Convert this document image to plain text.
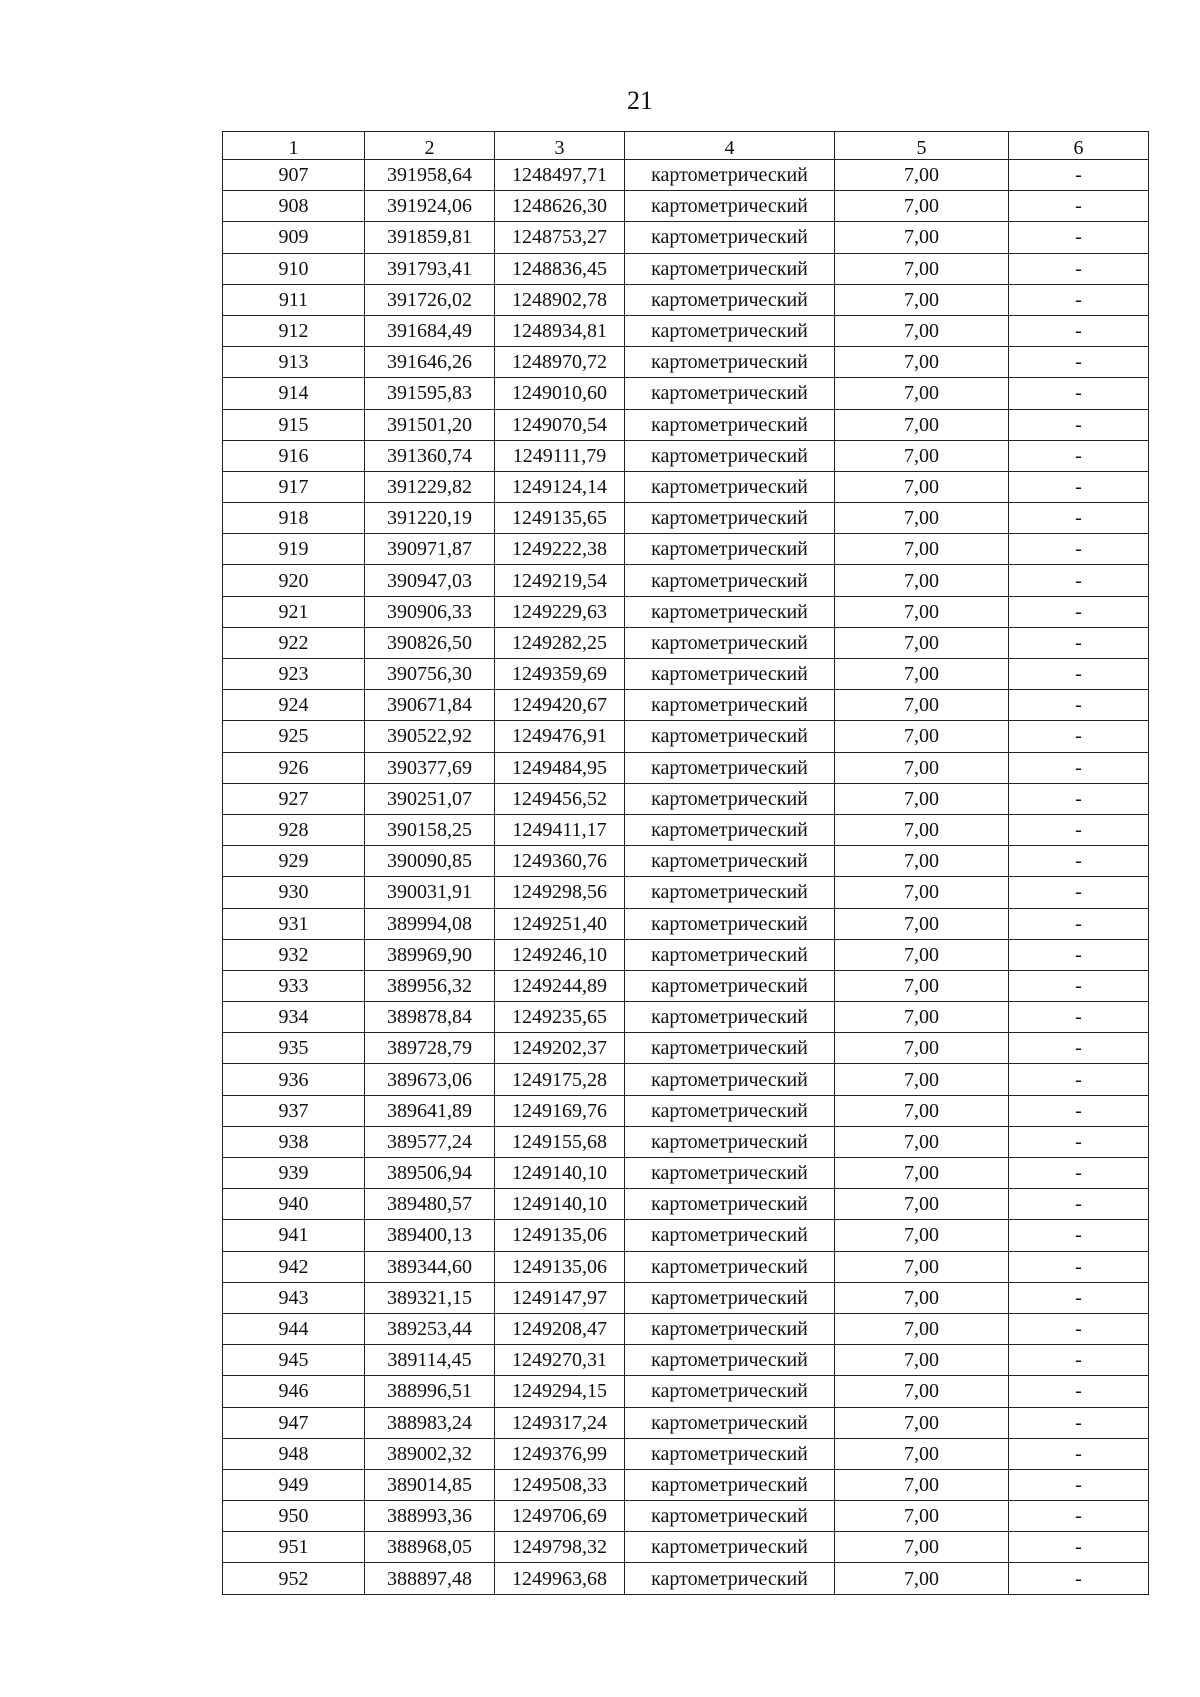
21
1	2	3	4	5	6
907	391958,64	1248497,71	картометрический	7,00	-
908	391924,06	1248626,30	картометрический	7,00	-
909	391859,81	1248753,27	картометрический	7,00	-
910	391793,41	1248836,45	картометрический	7,00	-
911	391726,02	1248902,78	картометрический	7,00	-
912	391684,49	1248934,81	картометрический	7,00	-
913	391646,26	1248970,72	картометрический	7,00	-
914	391595,83	1249010,60	картометрический	7,00	-
915	391501,20	1249070,54	картометрический	7,00	-
916	391360,74	1249111,79	картометрический	7,00	-
917	391229,82	1249124,14	картометрический	7,00	-
918	391220,19	1249135,65	картометрический	7,00	-
919	390971,87	1249222,38	картометрический	7,00	-
920	390947,03	1249219,54	картометрический	7,00	-
921	390906,33	1249229,63	картометрический	7,00	-
922	390826,50	1249282,25	картометрический	7,00	-
923	390756,30	1249359,69	картометрический	7,00	-
924	390671,84	1249420,67	картометрический	7,00	-
925	390522,92	1249476,91	картометрический	7,00	-
926	390377,69	1249484,95	картометрический	7,00	-
927	390251,07	1249456,52	картометрический	7,00	-
928	390158,25	1249411,17	картометрический	7,00	-
929	390090,85	1249360,76	картометрический	7,00	-
930	390031,91	1249298,56	картометрический	7,00	-
931	389994,08	1249251,40	картометрический	7,00	-
932	389969,90	1249246,10	картометрический	7,00	-
933	389956,32	1249244,89	картометрический	7,00	-
934	389878,84	1249235,65	картометрический	7,00	-
935	389728,79	1249202,37	картометрический	7,00	-
936	389673,06	1249175,28	картометрический	7,00	-
937	389641,89	1249169,76	картометрический	7,00	-
938	389577,24	1249155,68	картометрический	7,00	-
939	389506,94	1249140,10	картометрический	7,00	-
940	389480,57	1249140,10	картометрический	7,00	-
941	389400,13	1249135,06	картометрический	7,00	-
942	389344,60	1249135,06	картометрический	7,00	-
943	389321,15	1249147,97	картометрический	7,00	-
944	389253,44	1249208,47	картометрический	7,00	-
945	389114,45	1249270,31	картометрический	7,00	-
946	388996,51	1249294,15	картометрический	7,00	-
947	388983,24	1249317,24	картометрический	7,00	-
948	389002,32	1249376,99	картометрический	7,00	-
949	389014,85	1249508,33	картометрический	7,00	-
950	388993,36	1249706,69	картометрический	7,00	-
951	388968,05	1249798,32	картометрический	7,00	-
952	388897,48	1249963,68	картометрический	7,00	-
